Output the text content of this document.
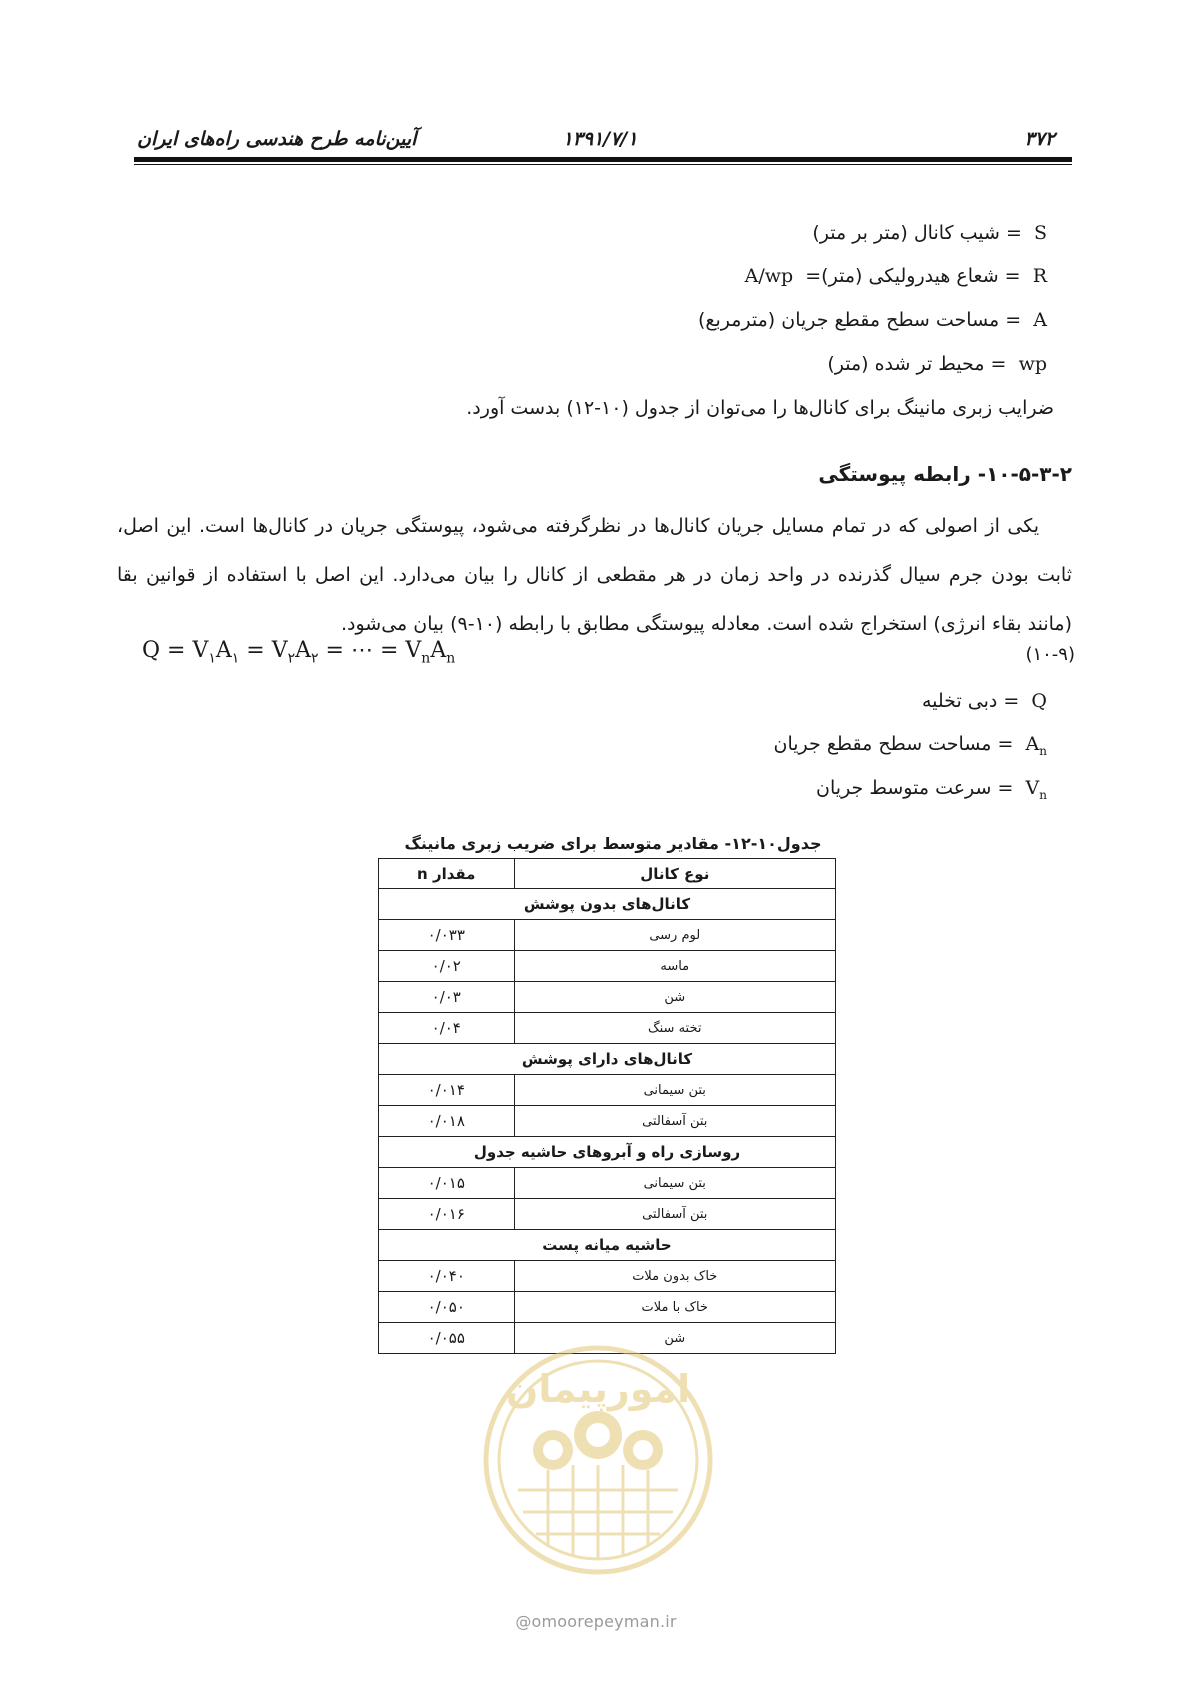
۳۷۲
۱۳۹۱/۷/۱
آیین‌نامه طرح هندسی راه‌های ایران
S  = شیب کانال (متر بر متر)
R  = شعاع هیدرولیکی (متر)=  A/wp
A  = مساحت سطح مقطع جریان (مترمربع)
wp  = محیط تر شده (متر)
ضرایب زبری مانینگ برای کانال‌ها را می‌توان از جدول (۱۰-۱۲) بدست آورد.
۱۰-۵-۳-۲- رابطه پیوستگی
یکی از اصولی که در تمام مسایل جریان کانال‌ها در نظرگرفته می‌شود، پیوستگی جریان در کانال‌ها است. این اصل، ثابت بودن جرم سیال گذرنده در واحد زمان در هر مقطعی از کانال را بیان می‌دارد. این اصل با استفاده از قوانین بقا (مانند بقاء انرژی) استخراج شده است. معادله پیوستگی مطابق با رابطه (۱۰-۹) بیان می‌شود.
$Q = V_۱A_۱ = V_۲A_۲$ = ⋯ = $V_nA_n$	(۱۰-۹)
Q  = دبی تخلیه
$A_n$  = مساحت سطح مقطع جریان
$V_n$  = سرعت متوسط جریان
جدول۱۰-۱۲- مقادیر متوسط برای ضریب زبری مانینگ
نوع کانال	مقدار n
کانال‌های بدون پوشش	
لوم رسی	۰/۰۳۳
ماسه	۰/۰۲
شن	۰/۰۳
تخته سنگ	۰/۰۴
کانال‌های دارای پوشش	
بتن سیمانی	۰/۰۱۴
بتن آسفالتی	۰/۰۱۸
روسازی راه و آبروهای حاشیه جدول	
بتن سیمانی	۰/۰۱۵
بتن آسفالتی	۰/۰۱۶
حاشیه میانه پست	
خاک بدون ملات	۰/۰۴۰
خاک با ملات	۰/۰۵۰
شن	۰/۰۵۵
امورپیمان
@omoorepeyman.ir
